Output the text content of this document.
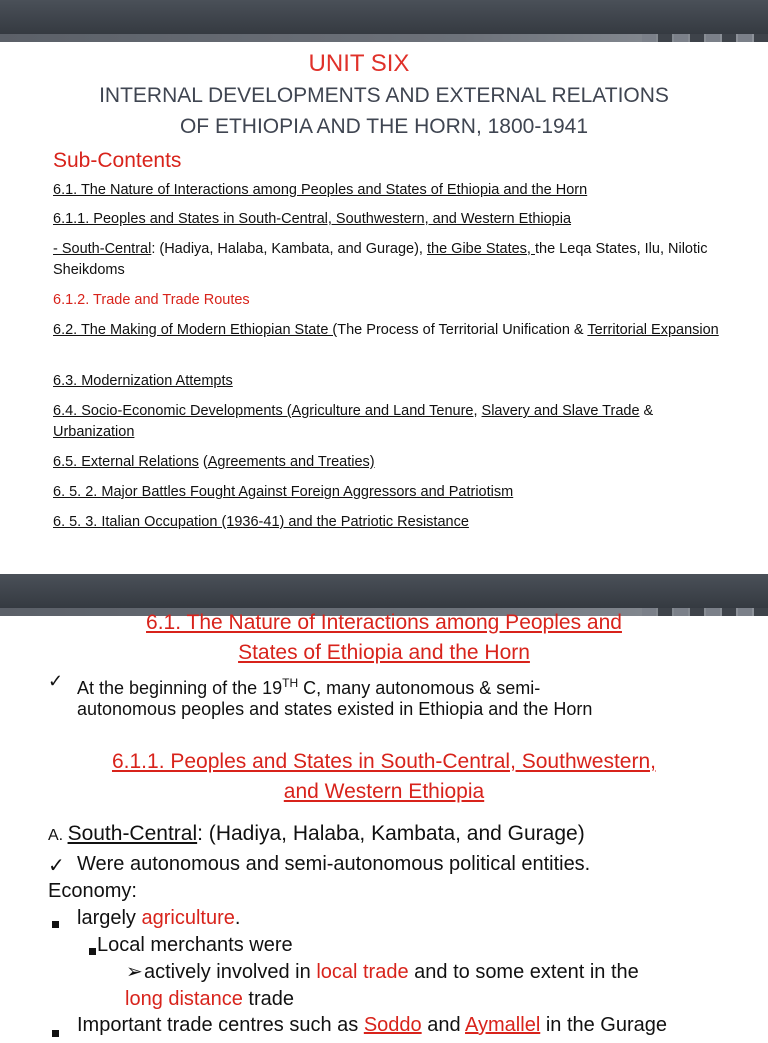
UNIT SIX
INTERNAL DEVELOPMENTS AND EXTERNAL RELATIONS
OF ETHIOPIA AND THE HORN, 1800-1941
Sub-Contents
6.1. The Nature of Interactions among Peoples and States of Ethiopia and the Horn
6.1.1. Peoples and States in South-Central, Southwestern, and Western Ethiopia
- South-Central: (Hadiya, Halaba, Kambata, and Gurage), the Gibe States, the Leqa States, Ilu, Nilotic Sheikdoms
6.1.2. Trade and Trade Routes
6.2. The Making of Modern Ethiopian State (The Process of Territorial Unification & Territorial Expansion
6.3. Modernization Attempts
6.4. Socio-Economic Developments (Agriculture and Land Tenure, Slavery and Slave Trade & Urbanization
6.5. External Relations (Agreements and Treaties)
6. 5. 2. Major Battles Fought Against Foreign Aggressors and Patriotism
6. 5. 3. Italian Occupation (1936-41) and the Patriotic Resistance
6.1. The Nature of Interactions among Peoples and
States of Ethiopia and the Horn
✓ At the beginning of the 19TH C, many autonomous & semi-
autonomous peoples and states existed in Ethiopia and the Horn
6.1.1. Peoples and States in South-Central, Southwestern,
and Western Ethiopia
A. South-Central: (Hadiya, Halaba, Kambata, and Gurage)
✓ Were autonomous and semi-autonomous political entities.
Economy:
largely agriculture.
Local merchants were
➢ actively involved in local trade and to some extent in the
long distance trade
Important trade centres such as Soddo and Aymallel in the Gurage
